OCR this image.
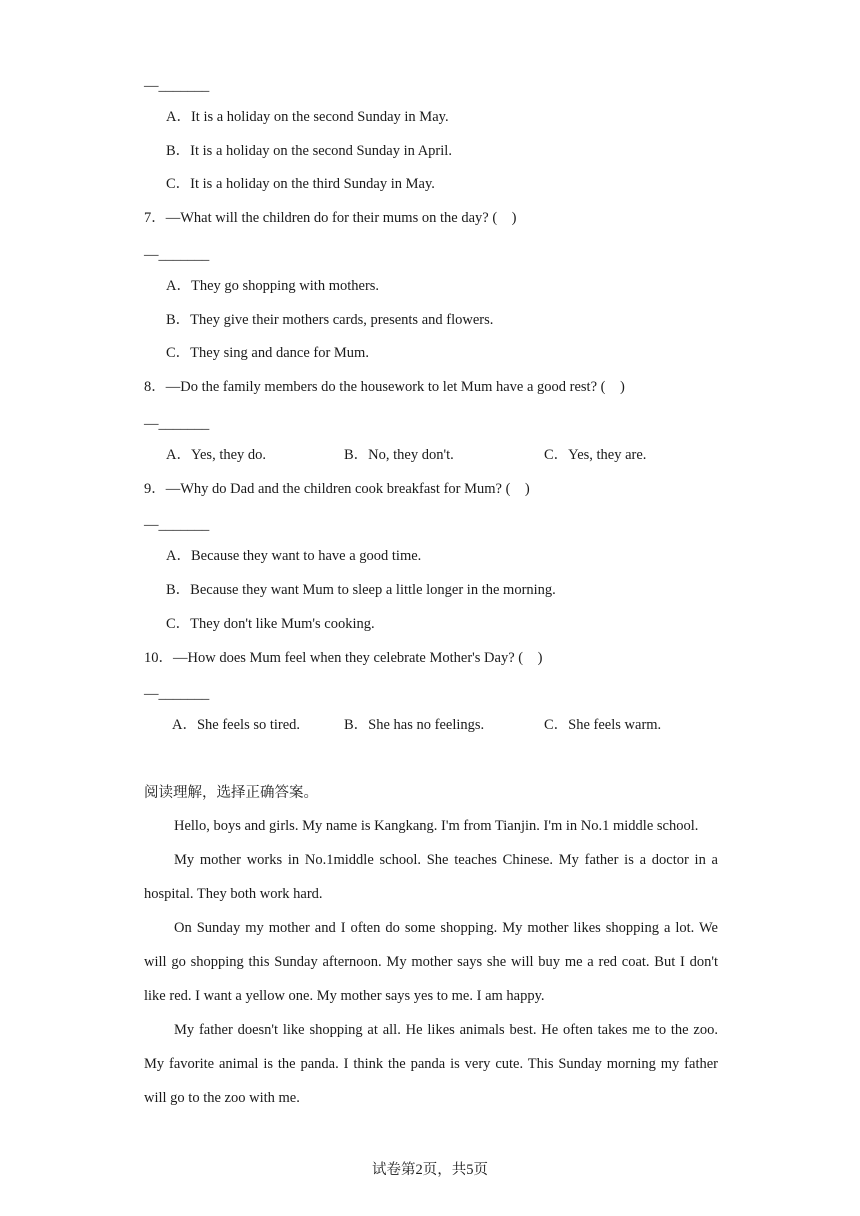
—_______
A．It is a holiday on the second Sunday in May.
B．It is a holiday on the second Sunday in April.
C．It is a holiday on the third Sunday in May.
7．—What will the children do for their mums on the day? (    )
—_______
A．They go shopping with mothers.
B．They give their mothers cards, presents and flowers.
C．They sing and dance for Mum.
8．—Do the family members do the housework to let Mum have a good rest? (    )
—_______
A．Yes, they do.	B．No, they don't.	C．Yes, they are.
9．—Why do Dad and the children cook breakfast for Mum? (    )
—_______
A．Because they want to have a good time.
B．Because they want Mum to sleep a little longer in the morning.
C．They don't like Mum's cooking.
10．—How does Mum feel when they celebrate Mother's Day? (    )
—_______
A．She feels so tired.	B．She has no feelings.	C．She feels warm.
阅读理解，选择正确答案。

Hello, boys and girls. My name is Kangkang. I'm from Tianjin. I'm in No.1 middle school.

My mother works in No.1middle school. She teaches Chinese. My father is a doctor in a hospital. They both work hard.

On Sunday my mother and I often do some shopping. My mother likes shopping a lot. We will go shopping this Sunday afternoon. My mother says she will buy me a red coat. But I don't like red. I want a yellow one. My mother says yes to me. I am happy.

My father doesn't like shopping at all. He likes animals best. He often takes me to the zoo. My favorite animal is the panda. I think the panda is very cute. This Sunday morning my father will go to the zoo with me.

试卷第2页，共5页
